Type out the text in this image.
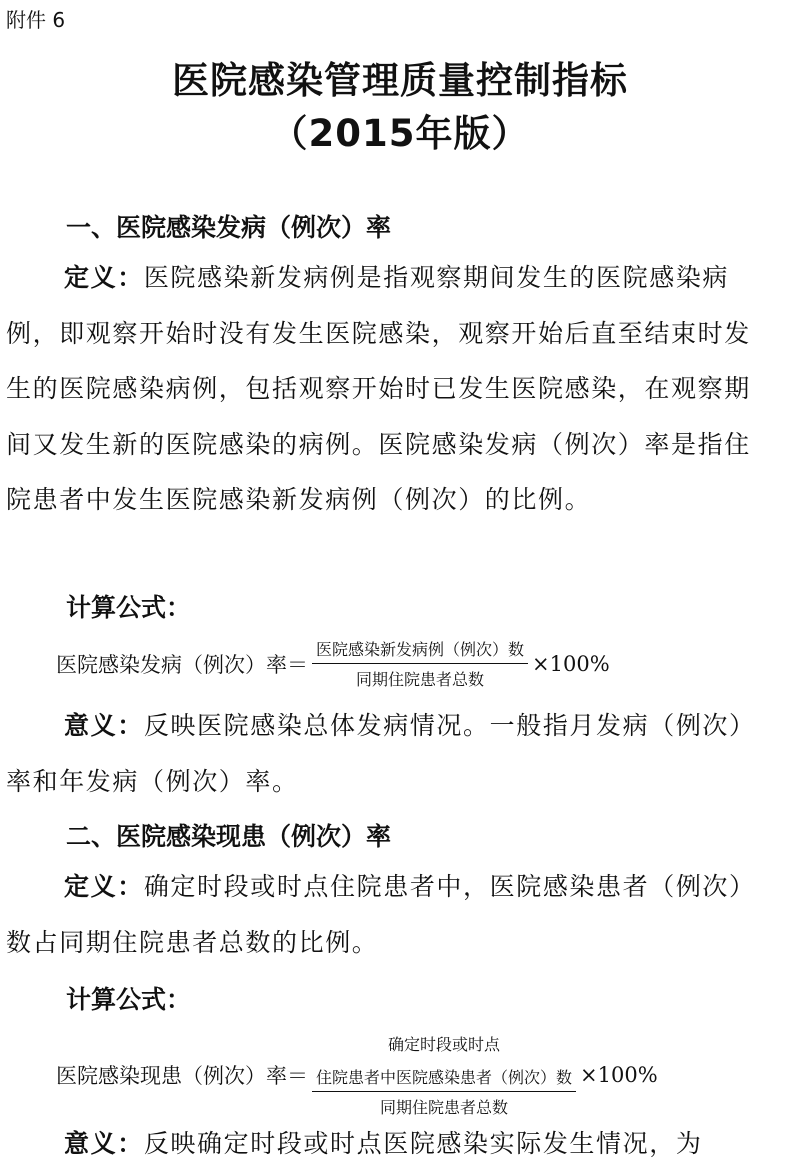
附件 6
医院感染管理质量控制指标
（2015年版）
一、医院感染发病（例次）率

定义：医院感染新发病例是指观察期间发生的医院感染病例，即观察开始时没有发生医院感染，观察开始后直至结束时发生的医院感染病例，包括观察开始时已发生医院感染，在观察期间又发生新的医院感染的病例。医院感染发病（例次）率是指住院患者中发生医院感染新发病例（例次）的比例。

计算公式：
医院感染发病（例次）率＝ $\frac{\text{医院感染新发病例（例次）数}}{\text{同期住院患者总数}} \times 100\%$

意义：反映医院感染总体发病情况。一般指月发病（例次）率和年发病（例次）率。

二、医院感染现患（例次）率

定义：确定时段或时点住院患者中，医院感染患者（例次）数占同期住院患者总数的比例。

计算公式：
医院感染现患（例次）率＝
确定时段或时点
住院患者中医院感染患者（例次）数
同期住院患者总数
×100%

意义：反映确定时段或时点医院感染实际发生情况，为
